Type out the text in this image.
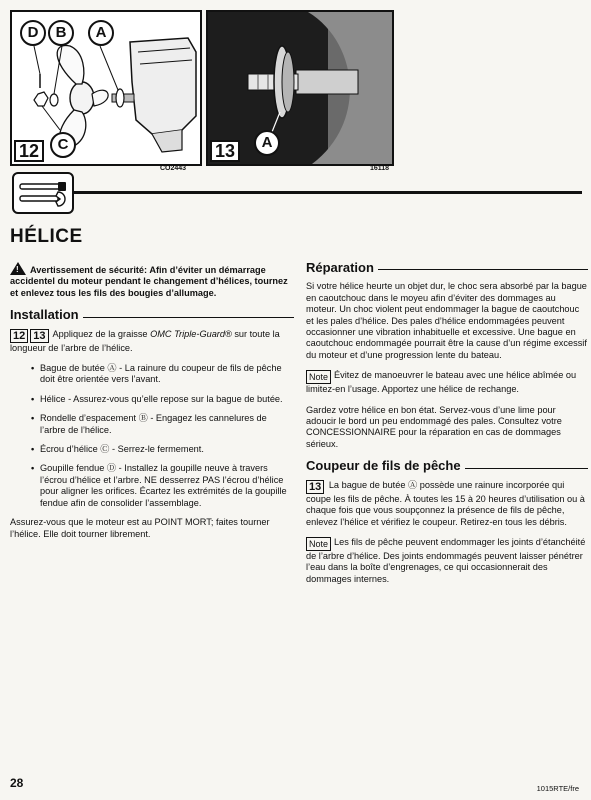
D	B	A
C
12
CO2443
A
13
16118
HÉLICE
!Avertissement de sécurité: Afin d’éviter un démarrage accidentel du moteur pendant le changement d’hélices, tournez et enlevez tous les fils des bougies d’allumage.
Installation

12 13 Appliquez de la graisse OMC Triple-Guard® sur toute la longueur de l’arbre de l’hélice.

• Bague de butée Ⓐ - La rainure du coupeur de fils de pêche doit être orientée vers l’avant.
• Hélice - Assurez-vous qu’elle repose sur la bague de butée.
• Rondelle d’espacement Ⓑ - Engagez les cannelures de l’arbre de l’hélice.
• Écrou d’hélice Ⓒ - Serrez-le fermement.
• Goupille fendue Ⓓ - Installez la goupille neuve à travers l’écrou d’hélice et l’arbre. NE desserrez PAS l’écrou d’hélice pour aligner les orifices. Écartez les extrémités de la goupille fendue afin de consolider l’assemblage.

Assurez-vous que le moteur est au POINT MORT; faites tourner l’hélice. Elle doit tourner librement.

Réparation

Si votre hélice heurte un objet dur, le choc sera absorbé par la bague en caoutchouc dans le moyeu afin d’éviter des dommages au moteur. Un choc violent peut endommager la bague de caoutchouc et les pales d’hélice. Des pales d’hélice endommagées peuvent occasionner une vibration inhabituelle et excessive. Une bague en caoutchouc endommagée pourrait être la cause d’un régime excessif du moteur et d’une progression lente du bateau.

Note Évitez de manoeuvrer le bateau avec une hélice abîmée ou limitez-en l’usage. Apportez une hélice de rechange.

Gardez votre hélice en bon état. Servez-vous d’une lime pour adoucir le bord un peu endommagé des pales. Consultez votre CONCESSIONNAIRE pour la réparation en cas de dommages sérieux.

Coupeur de fils de pêche

13 La bague de butée Ⓐ possède une rainure incorporée qui coupe les fils de pêche. À toutes les 15 à 20 heures d’utilisation ou à chaque fois que vous soupçonnez la présence de fils de pêche, enlevez l’hélice et vérifiez le coupeur. Retirez-en tous les débris.

Note Les fils de pêche peuvent endommager les joints d’étanchéité de l’arbre d’hélice. Des joints endommagés peuvent laisser pénétrer l’eau dans la boîte d’engrenages, ce qui occasionnerait des dommages internes.

28	1015RTE/fre
